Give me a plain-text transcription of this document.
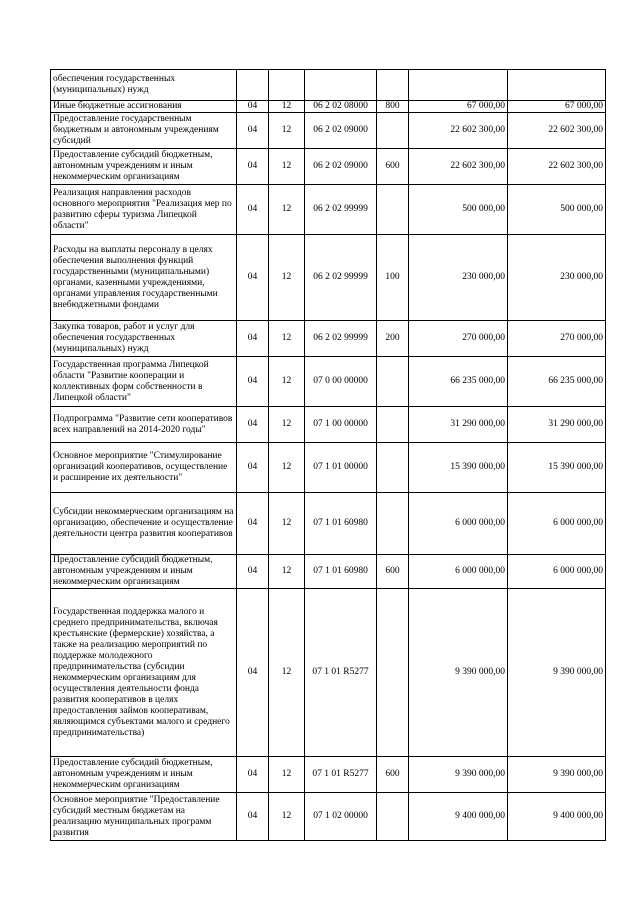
обеспечения государственных (муниципальных) нужд						
Иные бюджетные ассигнования	04	12	06 2 02 08000	800	67 000,00	67 000,00
Предоставление государственным бюджетным и автономным учреждениям субсидий	04	12	06 2 02 09000		22 602 300,00	22 602 300,00
Предоставление субсидий бюджетным, автономным учреждениям и иным некоммерческим организациям	04	12	06 2 02 09000	600	22 602 300,00	22 602 300,00
Реализация направления расходов основного мероприятия "Реализация мер по развитию сферы туризма Липецкой области"	04	12	06 2 02 99999		500 000,00	500 000,00
Расходы на выплаты персоналу в целях обеспечения выполнения функций государственными (муниципальными) органами, казенными учреждениями, органами управления государственными внебюджетными фондами	04	12	06 2 02 99999	100	230 000,00	230 000,00
Закупка товаров, работ и услуг для обеспечения государственных (муниципальных) нужд	04	12	06 2 02 99999	200	270 000,00	270 000,00
Государственная программа Липецкой области "Развитие кооперации и коллективных форм собственности в Липецкой области"	04	12	07 0 00 00000		66 235 000,00	66 235 000,00
Подпрограмма "Развитие сети кооперативов всех направлений на 2014-2020 годы"	04	12	07 1 00 00000		31 290 000,00	31 290 000,00
Основное мероприятие "Стимулирование организаций кооперативов, осуществление и расширение их деятельности"	04	12	07 1 01 00000		15 390 000,00	15 390 000,00
Субсидии некоммерческим организациям на организацию, обеспечение и осуществление деятельности центра развития кооперативов	04	12	07 1 01 60980		6 000 000,00	6 000 000,00
Предоставление субсидий бюджетным, автономным учреждениям и иным некоммерческим организациям	04	12	07 1 01 60980	600	6 000 000,00	6 000 000,00
Государственная поддержка малого и среднего предпринимательства, включая крестьянские (фермерские) хозяйства, а также на реализацию мероприятий по поддержке молодежного предпринимательства (субсидии некоммерческим организациям для осуществления деятельности фонда развития кооперативов в целях предоставления займов кооперативам, являющимся субъектами малого и среднего предпринимательства)	04	12	07 1 01 R5277		9 390 000,00	9 390 000,00
Предоставление субсидий бюджетным, автономным учреждениям и иным некоммерческим организациям	04	12	07 1 01 R5277	600	9 390 000,00	9 390 000,00
Основное мероприятие "Предоставление субсидий местным бюджетам на реализацию муниципальных программ развития	04	12	07 1 02 00000		9 400 000,00	9 400 000,00
